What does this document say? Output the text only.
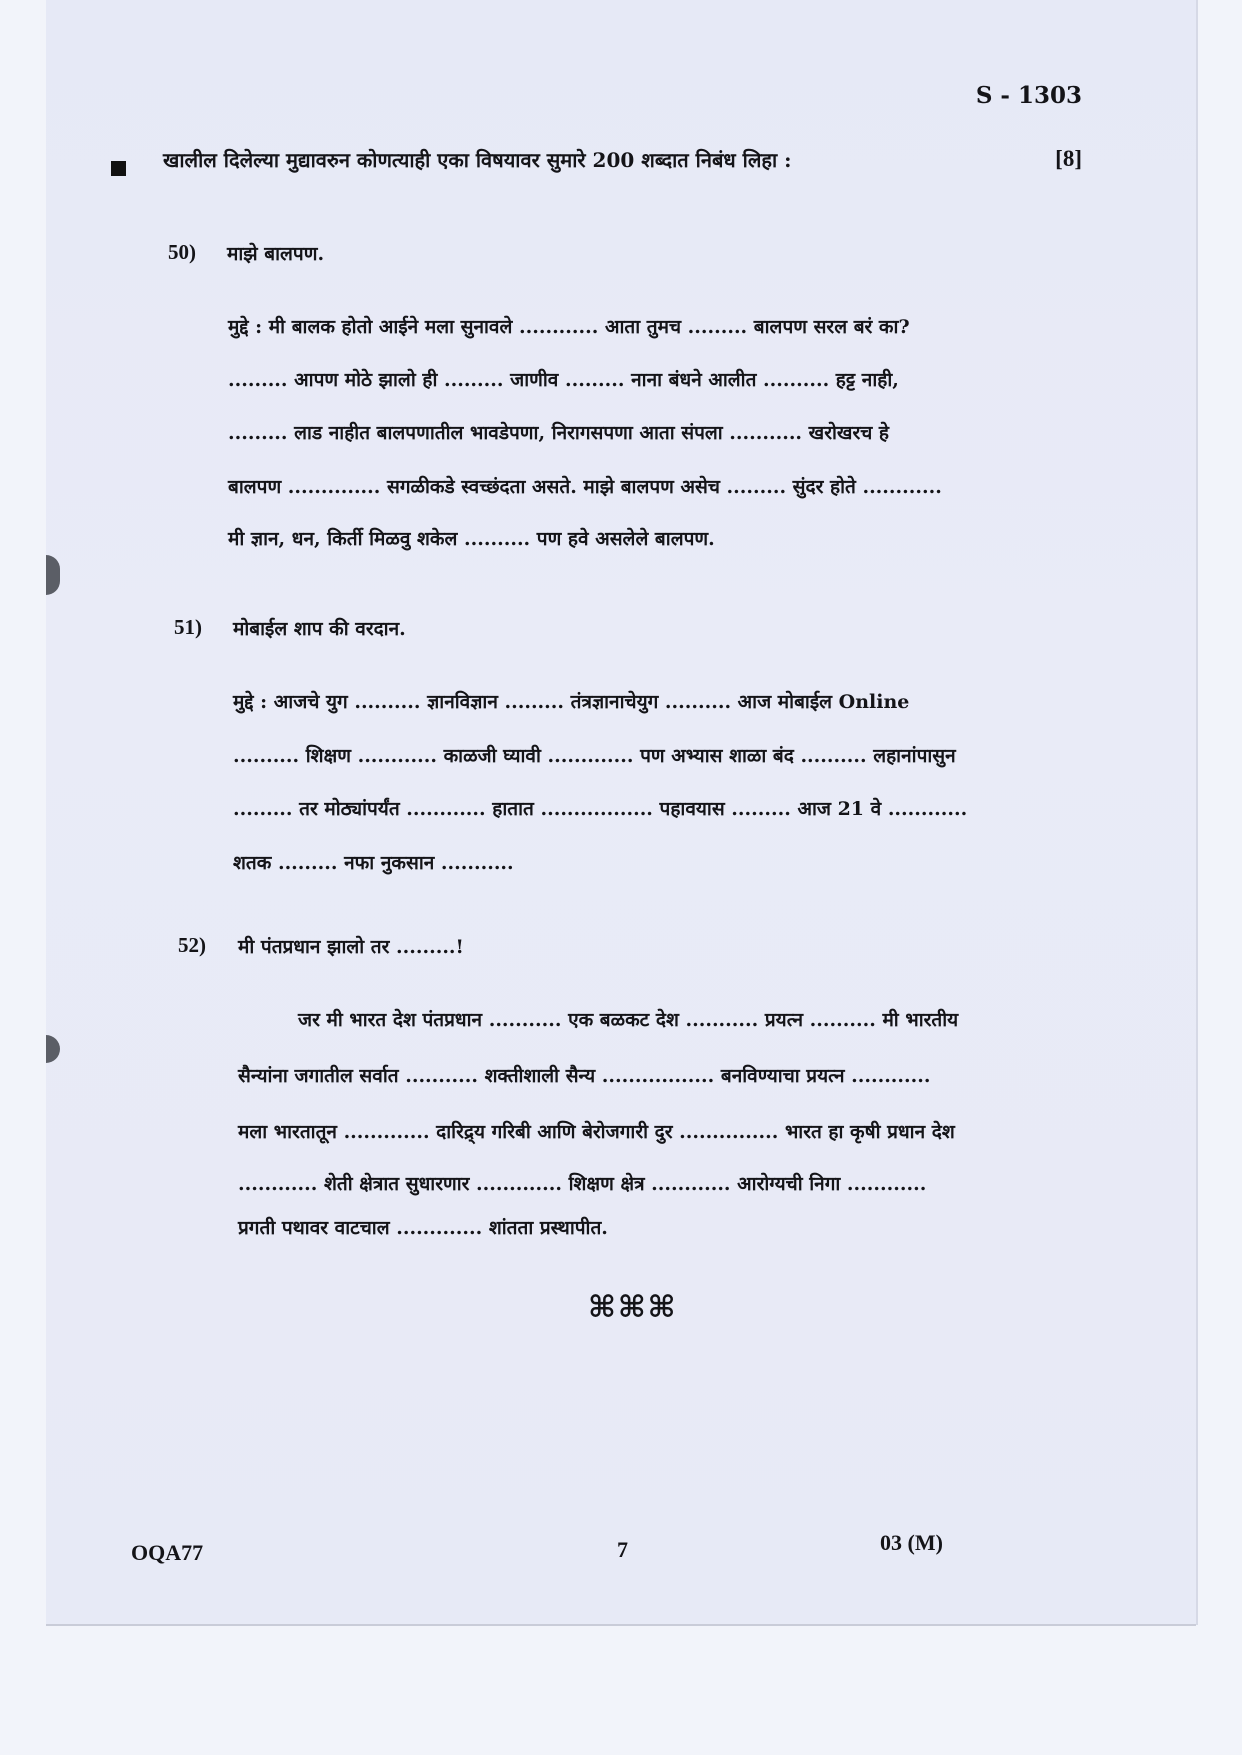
S - 1303
खालील दिलेल्या मुद्यावरुन कोणत्याही एका विषयावर सुमारे 200 शब्दात निबंध लिहा :	[8]
50) माझे बालपण.
मुद्दे : मी बालक होतो आईने मला सुनावले ............ आता तुमच ......... बालपण सरल बरं का?
......... आपण मोठे झालो ही ......... जाणीव ......... नाना बंधने आलीत .......... हट्ट नाही,
......... लाड नाहीत बालपणातील भावडेपणा, निरागसपणा आता संपला ........... खरोखरच हे
बालपण .............. सगळीकडे स्वच्छंदता असते. माझे बालपण असेच ......... सुंदर होते ............
मी ज्ञान, धन, किर्ती मिळवु शकेल .......... पण हवे असलेले बालपण.
51) मोबाईल शाप की वरदान.
मुद्दे : आजचे युग .......... ज्ञानविज्ञान ......... तंत्रज्ञानाचेयुग .......... आज मोबाईल Online
.......... शिक्षण ............ काळजी घ्यावी ............. पण अभ्यास शाळा बंद .......... लहानांपासुन
......... तर मोठ्यांपर्यंत ............ हातात ................. पहावयास ......... आज 21 वे ............
शतक ......... नफा नुकसान ...........
52) मी पंतप्रधान झालो तर .........!
जर मी भारत देश पंतप्रधान ........... एक बळकट देश ........... प्रयत्न .......... मी भारतीय
सैन्यांना जगातील सर्वात ........... शक्तीशाली सैन्य ................. बनविण्याचा प्रयत्न ............
मला भारतातून ............. दारिद्र्य गरिबी आणि बेरोजगारी दुर ............... भारत हा कृषी प्रधान देश
............ शेती क्षेत्रात सुधारणार ............. शिक्षण क्षेत्र ............ आरोग्यची निगा ............
प्रगती पथावर वाटचाल ............. शांतता प्रस्थापीत.
⌘⌘⌘
OQA77	7	03 (M)
